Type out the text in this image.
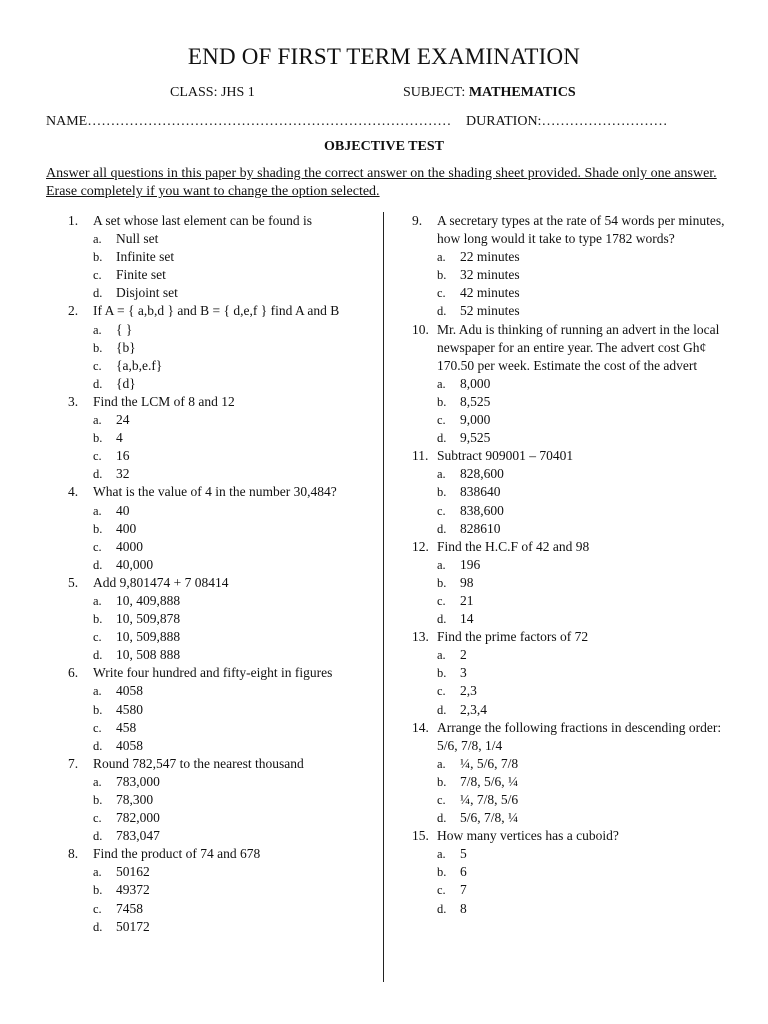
END OF FIRST TERM EXAMINATION
CLASS: JHS 1	SUBJECT: MATHEMATICS
NAME…………………………………………………………………… DURATION:………………………
OBJECTIVE TEST
Answer all questions in this paper by shading the correct answer on the shading sheet provided. Shade only one answer. Erase completely if you want to change the option selected.
1.	A set whose last element can be found is
a.	Null set
b.	Infinite set
c.	Finite set
d.	Disjoint set
2.	If A = { a,b,d } and B = { d,e,f } find A and B
a.	{ }
b.	{b}
c.	{a,b,e.f}
d.	{d}
3.	Find the LCM of 8 and 12
a.	24
b.	4
c.	16
d.	32
4.	What is the value of 4 in the number 30,484?
a.	40
b.	400
c.	4000
d.	40,000
5.	Add 9,801474 + 7 08414
a.	10, 409,888
b.	10, 509,878
c.	10, 509,888
d.	10, 508 888
6.	Write four hundred and fifty-eight in figures
a.	4058
b.	4580
c.	458
d.	4058
7.	Round 782,547 to the nearest thousand
a.	783,000
b.	78,300
c.	782,000
d.	783,047
8.	Find the product of 74 and 678
a.	50162
b.	49372
c.	7458
d.	50172
9.	A secretary types at the rate of 54 words per minutes, how long would it take to type 1782 words?
a.	22 minutes
b.	32 minutes
c.	42 minutes
d.	52 minutes
10. Mr. Adu is thinking of running an advert in the local newspaper for an entire year. The advert cost Gh¢ 170.50 per week. Estimate the cost of the advert
a.	8,000
b.	8,525
c.	9,000
d.	9,525
11. Subtract 909001 – 70401
a.	828,600
b.	838640
c.	838,600
d.	828610
12. Find the H.C.F of 42 and 98
a.	196
b.	98
c.	21
d.	14
13. Find the prime factors of 72
a.	2
b.	3
c.	2,3
d.	2,3,4
14. Arrange the following fractions in descending order: 5/6, 7/8, 1/4
a.	¼, 5/6, 7/8
b.	7/8, 5/6, ¼
c.	¼, 7/8, 5/6
d.	5/6, 7/8, ¼
15. How many vertices has a cuboid?
a.	5
b.	6
c.	7
d.	8
